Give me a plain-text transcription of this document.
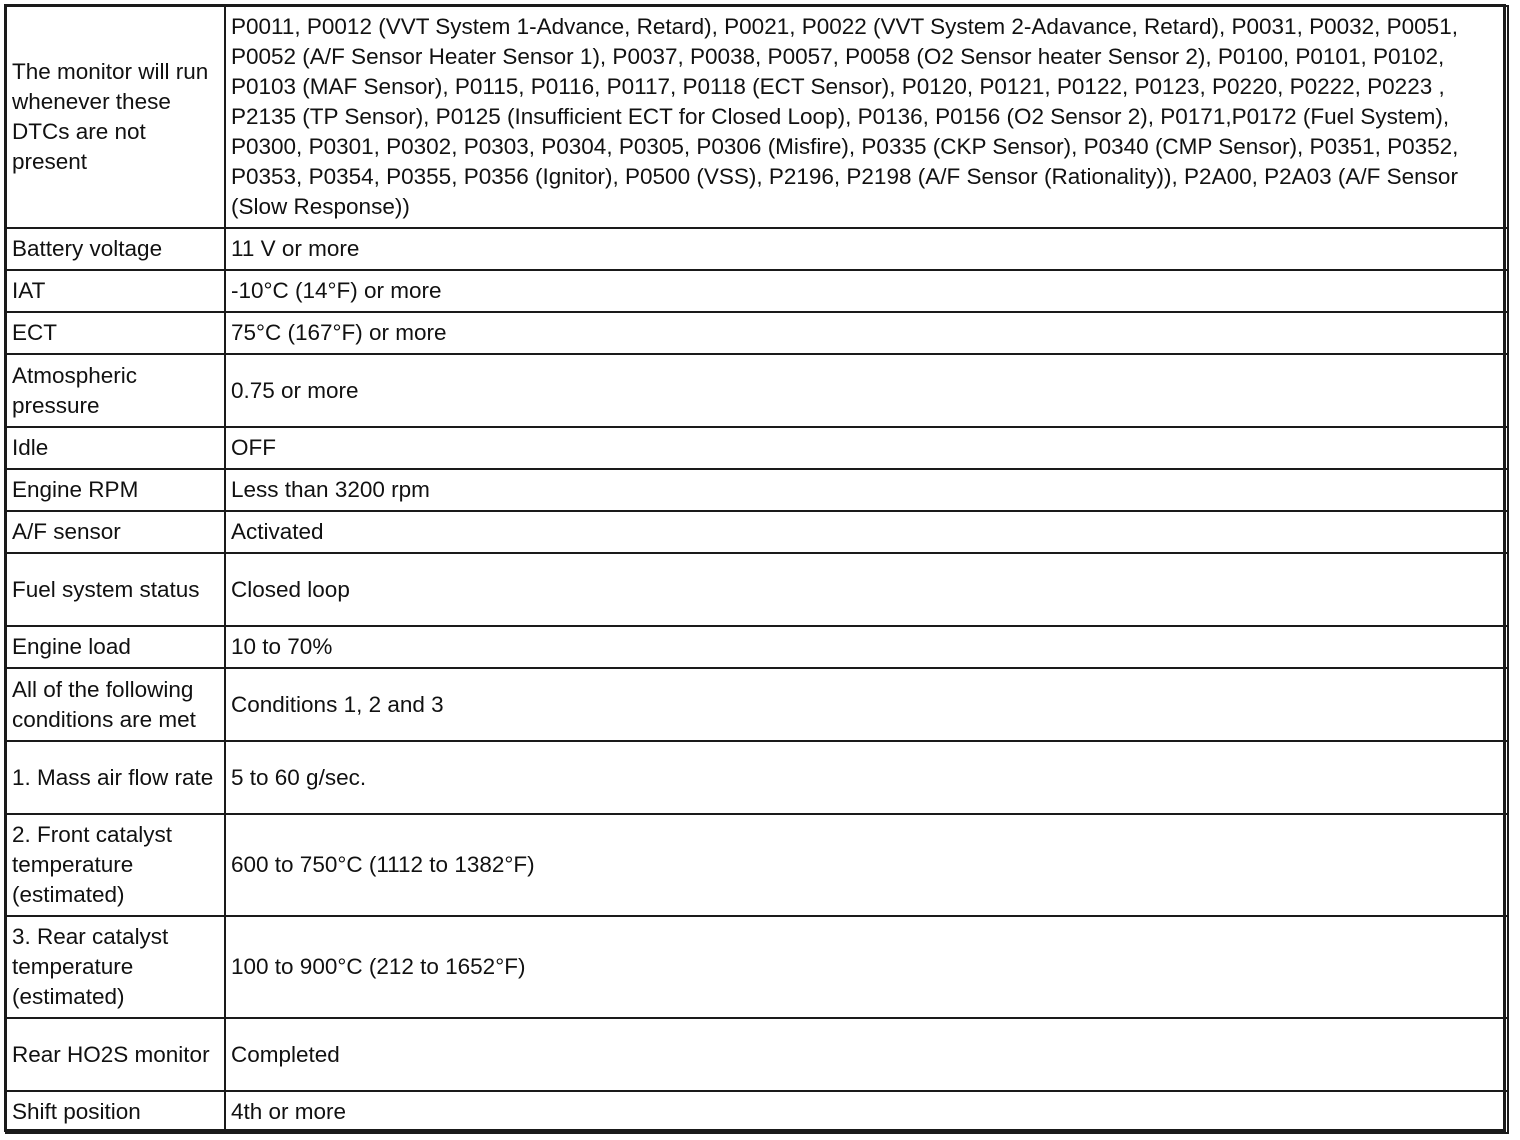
The monitor will run whenever these DTCs are not present	P0011, P0012 (VVT System 1-Advance, Retard), P0021, P0022 (VVT System 2-Adavance, Retard), P0031, P0032, P0051, P0052 (A/F Sensor Heater Sensor 1), P0037, P0038, P0057, P0058 (O2 Sensor heater Sensor 2), P0100, P0101, P0102, P0103 (MAF Sensor), P0115, P0116, P0117, P0118 (ECT Sensor), P0120, P0121, P0122, P0123, P0220, P0222, P0223 , P2135 (TP Sensor), P0125 (Insufficient ECT for Closed Loop), P0136, P0156 (O2 Sensor 2), P0171,P0172 (Fuel System), P0300, P0301, P0302, P0303, P0304, P0305, P0306 (Misfire), P0335 (CKP Sensor), P0340 (CMP Sensor), P0351, P0352, P0353, P0354, P0355, P0356 (Ignitor), P0500 (VSS), P2196, P2198 (A/F Sensor (Rationality)), P2A00, P2A03 (A/F Sensor (Slow Response))
Battery voltage	11 V or more
IAT	-10°C (14°F) or more
ECT	75°C (167°F) or more
Atmospheric pressure	0.75 or more
Idle	OFF
Engine RPM	Less than 3200 rpm
A/F sensor	Activated
Fuel system status	Closed loop
Engine load	10 to 70%
All of the following conditions are met	Conditions 1, 2 and 3
1. Mass air flow rate	5 to 60 g/sec.
2. Front catalyst temperature (estimated)	600 to 750°C (1112 to 1382°F)
3. Rear catalyst temperature (estimated)	100 to 900°C (212 to 1652°F)
Rear HO2S monitor	Completed
Shift position	4th or more
